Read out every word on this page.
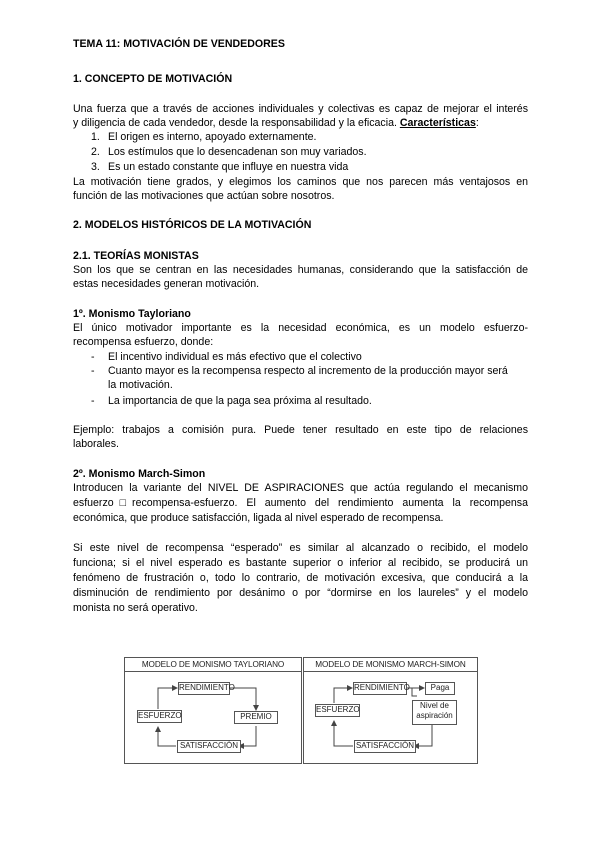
TEMA 11: MOTIVACIÓN DE VENDEDORES
1. CONCEPTO DE MOTIVACIÓN
Una fuerza que a través de acciones individuales y colectivas es capaz de mejorar el interés
y diligencia de cada vendedor, desde la responsabilidad y la eficacia. Características:
1. El origen es interno, apoyado externamente.
2. Los estímulos que lo desencadenan son muy variados.
3. Es un estado constante que influye en nuestra vida
La motivación tiene grados, y elegimos los caminos que nos parecen más ventajosos en
función de las motivaciones que actúan sobre nosotros.
2. MODELOS HISTÓRICOS DE LA MOTIVACIÓN
2.1. TEORÍAS MONISTAS
Son los que se centran en las necesidades humanas, considerando que la satisfacción de
estas necesidades generan motivación.
1º. Monismo Tayloriano
El único motivador importante es la necesidad económica, es un modelo esfuerzo-
recompensa esfuerzo, donde:
- El incentivo individual es más efectivo que el colectivo
- Cuanto mayor es la recompensa respecto al incremento de la producción mayor será
la motivación.
- La importancia de que la paga sea próxima al resultado.
Ejemplo: trabajos a comisión pura. Puede tener resultado en este tipo de relaciones
laborales.
2º. Monismo March-Simon
Introducen la variante del NIVEL DE ASPIRACIONES que actúa regulando el mecanismo
esfuerzo□recompensa-esfuerzo. El aumento del rendimiento aumenta la recompensa
económica, que produce satisfacción, ligada al nivel esperado de recompensa.
Si este nivel de recompensa “esperado” es similar al alcanzado o recibido, el modelo
funciona; si el nivel esperado es bastante superior o inferior al recibido, se producirá un
fenómeno de frustración o, todo lo contrario, de motivación excesiva, que conducirá a la
disminución de rendimiento por desánimo o por “dormirse en los laureles” y el modelo
monista no será operativo.
MODELO DE MONISMO TAYLORIANO
RENDIMIENTO
ESFUERZO	PREMIO
SATISFACCIÓN
MODELO DE MONISMO MARCH-SIMON
RENDIMIENTO	Paga
ESFUERZO	Nivel de
aspiración
SATISFACCIÓN
